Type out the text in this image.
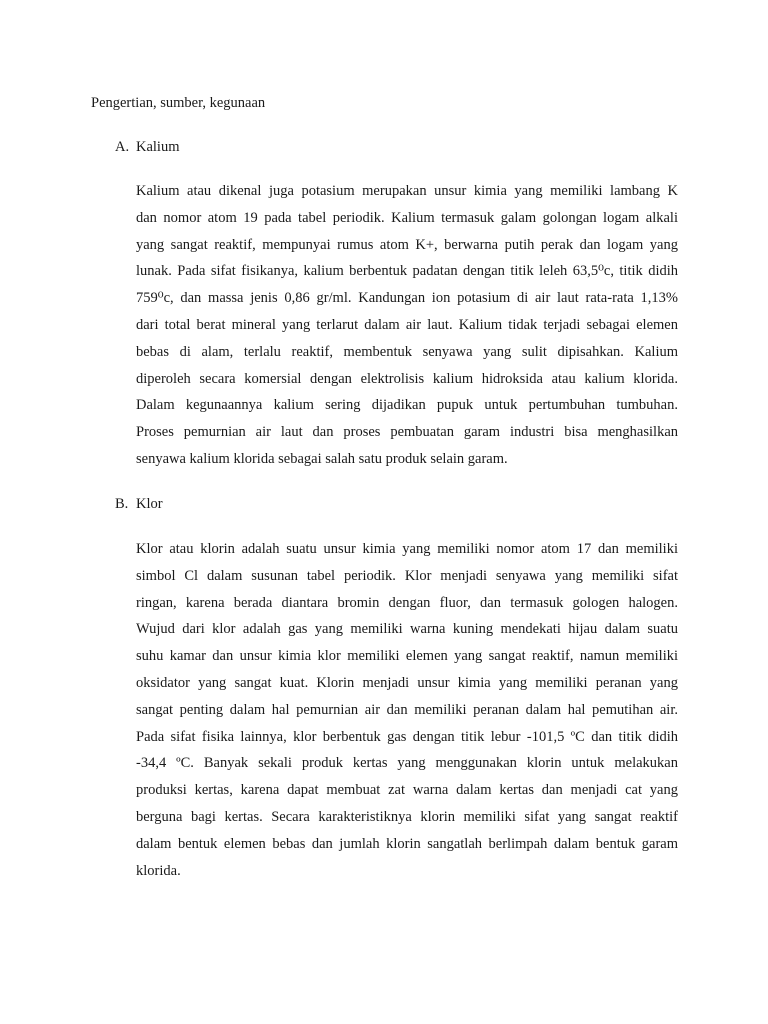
Pengertian, sumber, kegunaan

A. Kalium

Kalium atau dikenal juga potasium merupakan unsur kimia yang memiliki lambang K
dan nomor atom 19 pada tabel periodik. Kalium termasuk galam golongan logam alkali
yang sangat reaktif, mempunyai rumus atom K+, berwarna putih perak dan logam yang
lunak. Pada sifat fisikanya, kalium berbentuk padatan dengan titik leleh 63,5⁰c, titik didih
759⁰c, dan massa jenis 0,86 gr/ml. Kandungan ion potasium di air laut rata-rata 1,13%
dari total berat mineral yang terlarut dalam air laut. Kalium tidak terjadi sebagai elemen
bebas di alam, terlalu reaktif, membentuk senyawa yang sulit dipisahkan. Kalium
diperoleh secara komersial dengan elektrolisis kalium hidroksida atau kalium klorida.
Dalam kegunaannya kalium sering dijadikan pupuk untuk pertumbuhan tumbuhan.
Proses pemurnian air laut dan proses pembuatan garam industri bisa menghasilkan
senyawa kalium klorida sebagai salah satu produk selain garam.

B. Klor

Klor atau klorin adalah suatu unsur kimia yang memiliki nomor atom 17 dan memiliki
simbol Cl dalam susunan tabel periodik. Klor menjadi senyawa yang memiliki sifat
ringan, karena berada diantara bromin dengan fluor, dan termasuk gologen halogen.
Wujud dari klor adalah gas yang memiliki warna kuning mendekati hijau dalam suatu
suhu kamar dan unsur kimia klor memiliki elemen yang sangat reaktif, namun memiliki
oksidator yang sangat kuat. Klorin menjadi unsur kimia yang memiliki peranan yang
sangat penting dalam hal pemurnian air dan memiliki peranan dalam hal pemutihan air.
Pada sifat fisika lainnya, klor berbentuk gas dengan titik lebur -101,5 ºC dan titik didih
-34,4 ºC. Banyak sekali produk kertas yang menggunakan klorin untuk melakukan
produksi kertas, karena dapat membuat zat warna dalam kertas dan menjadi cat yang
berguna bagi kertas. Secara karakteristiknya klorin memiliki sifat yang sangat reaktif
dalam bentuk elemen bebas dan jumlah klorin sangatlah berlimpah dalam bentuk garam
klorida.
